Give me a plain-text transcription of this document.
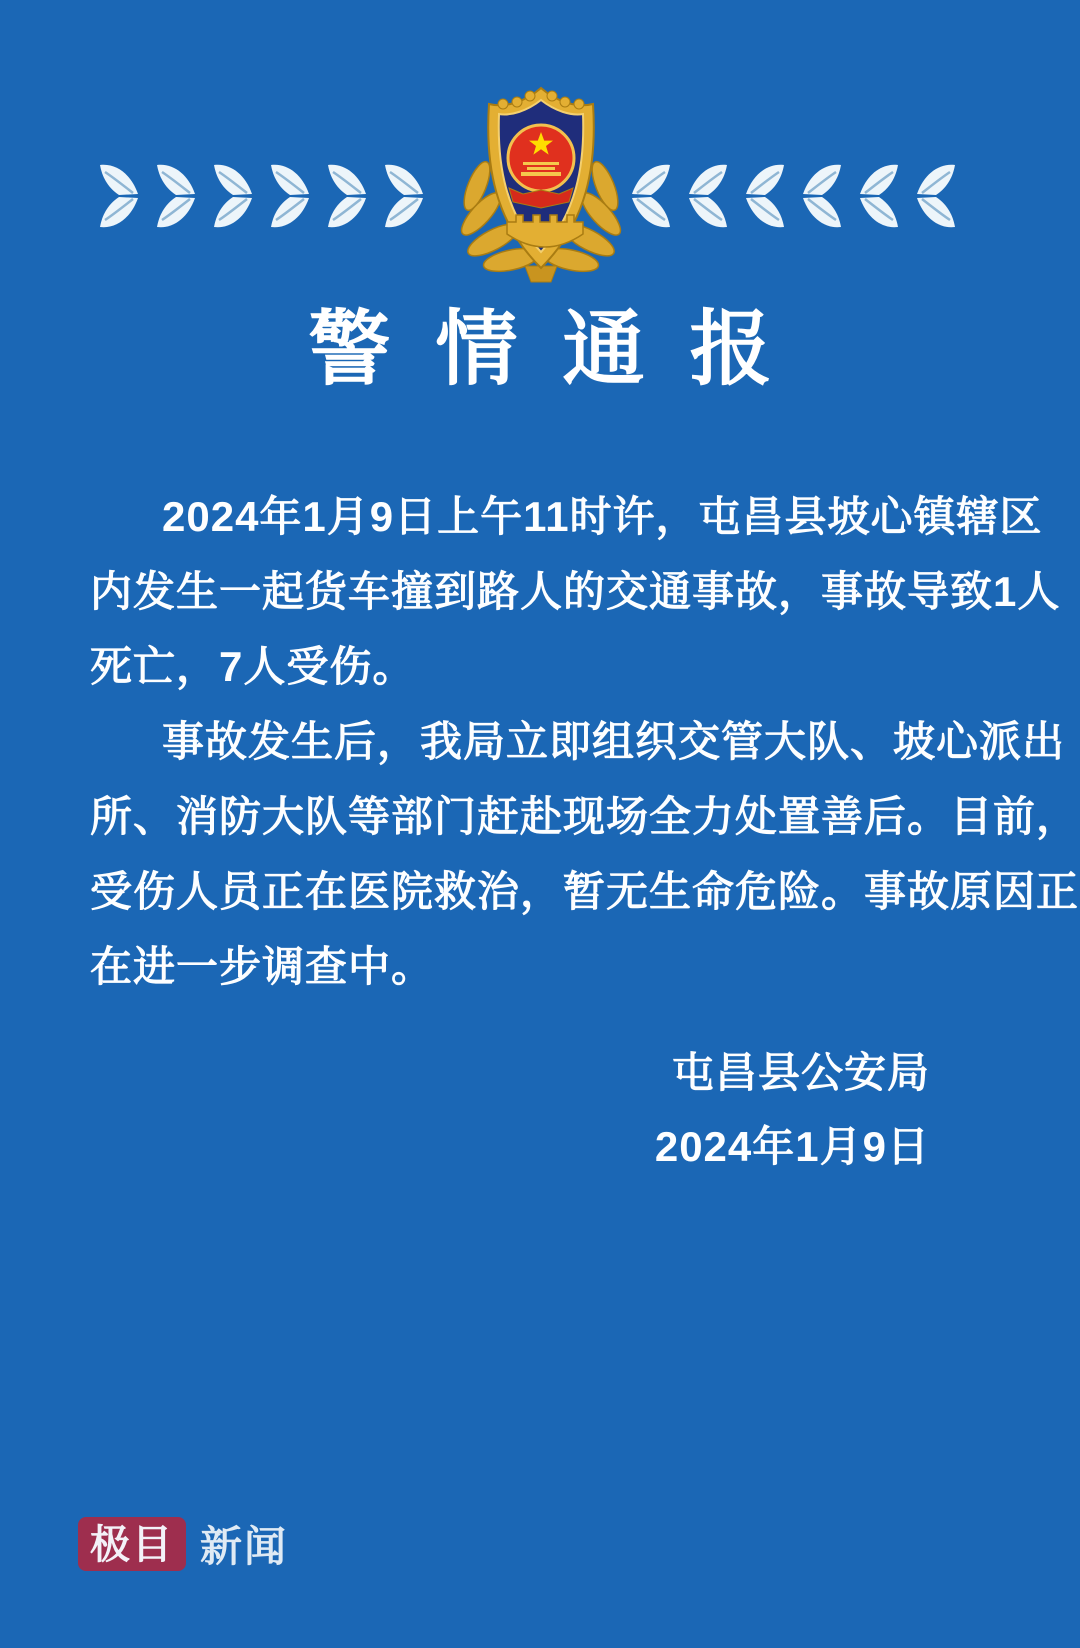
警情通报
2024年1月9日上午11时许，屯昌县坡心镇辖区
内发生一起货车撞到路人的交通事故，事故导致1人
死亡，7人受伤。
事故发生后，我局立即组织交管大队、坡心派出
所、消防大队等部门赶赴现场全力处置善后。目前，
受伤人员正在医院救治，暂无生命危险。事故原因正
在进一步调查中。
屯昌县公安局
2024年1月9日
极目 新闻
